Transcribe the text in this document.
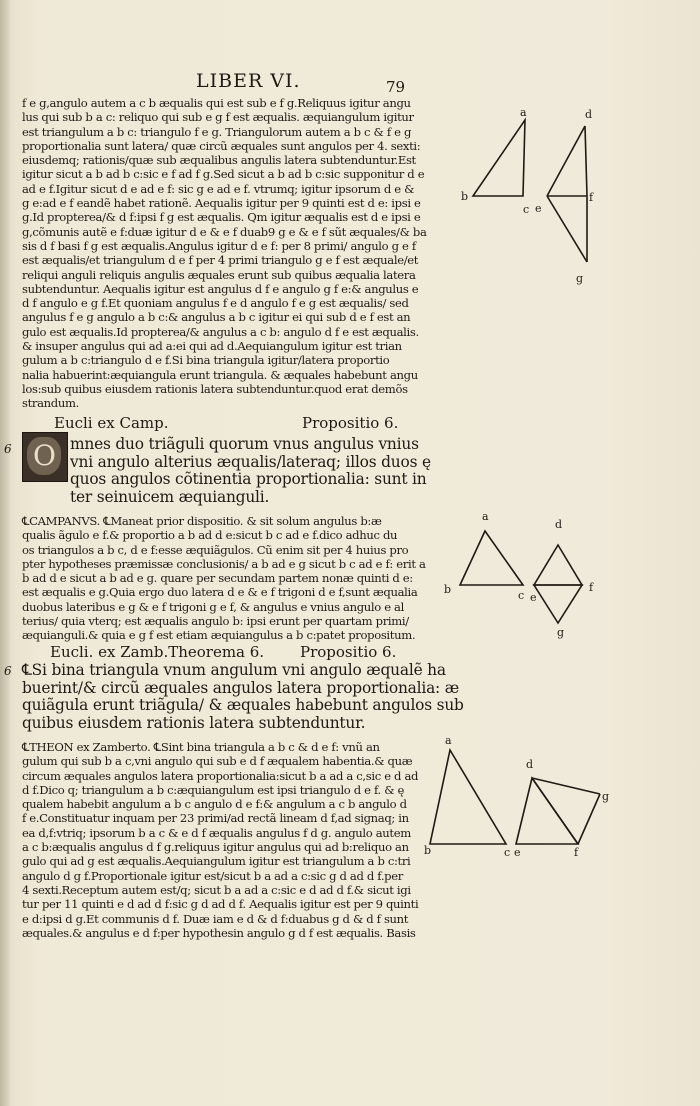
LIBER VI.	79
f e g,angulo autem a c b æqualis qui est sub e f g.Reliquus igitur angu
lus qui sub b a c: reliquo qui sub e g f est æqualis. æquiangulum igitur
est triangulum a b c: triangulo f e g. Triangulorum autem a b c & f e g
proportionalia sunt latera/ quæ circũ æquales sunt angulos per 4. sexti:
eiusdemq; rationis/quæ sub æqualibus angulis latera subtenduntur.Est
igitur sicut a b ad b c:sic e f ad f g.Sed sicut a b ad b c:sic supponitur d e
ad e f.Igitur sicut d e ad e f: sic g e ad e f. vtrumq; igitur ipsorum d e &
g e:ad e f eandẽ habet rationẽ. Aequalis igitur per 9 quinti est d e: ipsi e
g.Id propterea/& d f:ipsi f g est æqualis. Qm igitur æqualis est d e ipsi e
g,cõmunis autẽ e f:duæ igitur d e & e f duab9 g e & e f sũt æquales/& ba
sis d f basi f g est æqualis.Angulus igitur d e f: per 8 primi/ angulo g e f
est æqualis/et triangulum d e f per 4 primi triangulo g e f est æquale/et
reliqui anguli reliquis angulis æquales erunt sub quibus æqualia latera
subtenduntur. Aequalis igitur est angulus d f e angulo g f e:& angulus e
d f angulo e g f.Et quoniam angulus f e d angulo f e g est æqualis/ sed
angulus f e g angulo a b c:& angulus a b c igitur ei qui sub d e f est an
gulo est æqualis.Id propterea/& angulus a c b: angulo d f e est æqualis.
& insuper angulus qui ad a:ei qui ad d.Aequiangulum igitur est trian
gulum a b c:triangulo d e f.Si bina triangula igitur/latera proportio
nalia habuerint:æquiangula erunt triangula. & æquales habebunt angu
los:sub quibus eiusdem rationis latera subtenduntur.quod erat demõs
strandum.
Eucli ex Camp.	Propositio 6.
6 O mnes duo triãguli quorum vnus angulus vnius
vni angulo alterius æqualis/lateraq; illos duos ę
quos angulos cõtinentia proportionalia: sunt in
ter seinuicem æquianguli.
℄CAMPANVS. ℄Maneat prior dispositio. & sit solum angulus b:æ
qualis ãgulo e f.& proportio a b ad d e:sicut b c ad e f.dico adhuc du
os triangulos a b c, d e f:esse æquiãgulos. Cũ enim sit per 4 huius pro
pter hypotheses præmissæ conclusionis/ a b ad e g sicut b c ad e f: erit a
b ad d e sicut a b ad e g. quare per secundam partem nonæ quinti d e:
est æqualis e g.Quia ergo duo latera d e & e f trigoni d e f,sunt æqualia
duobus lateribus e g & e f trigoni g e f, & angulus e vnius angulo e al
terius/ quia vterq; est æqualis angulo b: ipsi erunt per quartam primi/
æquianguli.& quia e g f est etiam æquiangulus a b c:patet propositum.
Eucli. ex Zamb.Theorema 6. Propositio 6.
6 ℄Si bina triangula vnum angulum vni angulo æqualẽ ha
buerint/& circũ æquales angulos latera proportionalia: æ
quiãgula erunt triãgula/ & æquales habebunt angulos sub
quibus eiusdem rationis latera subtenduntur.
℄THEON ex Zamberto. ℄Sint bina triangula a b c & d e f: vnũ an
gulum qui sub b a c,vni angulo qui sub e d f æqualem habentia.& quæ
circum æquales angulos latera proportionalia:sicut b a ad a c,sic e d ad
d f.Dico q; triangulum a b c:æquiangulum est ipsi triangulo d e f. & ę
qualem habebit angulum a b c angulo d e f:& angulum a c b angulo d
f e.Constituatur inquam per 23 primi/ad rectã lineam d f,ad signaq; in
ea d,f:vtriq; ipsorum b a c & e d f æqualis angulus f d g. angulo autem
a c b:æqualis angulus d f g.reliquus igitur angulus qui ad b:reliquo an
gulo qui ad g est æqualis.Aequiangulum igitur est triangulum a b c:tri
angulo d g f.Proportionale igitur est/sicut b a ad a c:sic g d ad d f.per
4 sexti.Receptum autem est/q; sicut b a ad a c:sic e d ad d f.& sicut igi
tur per 11 quinti e d ad d f:sic g d ad d f. Aequalis igitur est per 9 quinti
e d:ipsi d g.Et communis d f. Duæ iam e d & d f:duabus g d & d f sunt
æquales.& angulus e d f:per hypothesin angulo g d f est æqualis. Basis
a
b
c
d
e
f
g
a
b	c
d
e
f
g
a
b	c
d
e	f
g
